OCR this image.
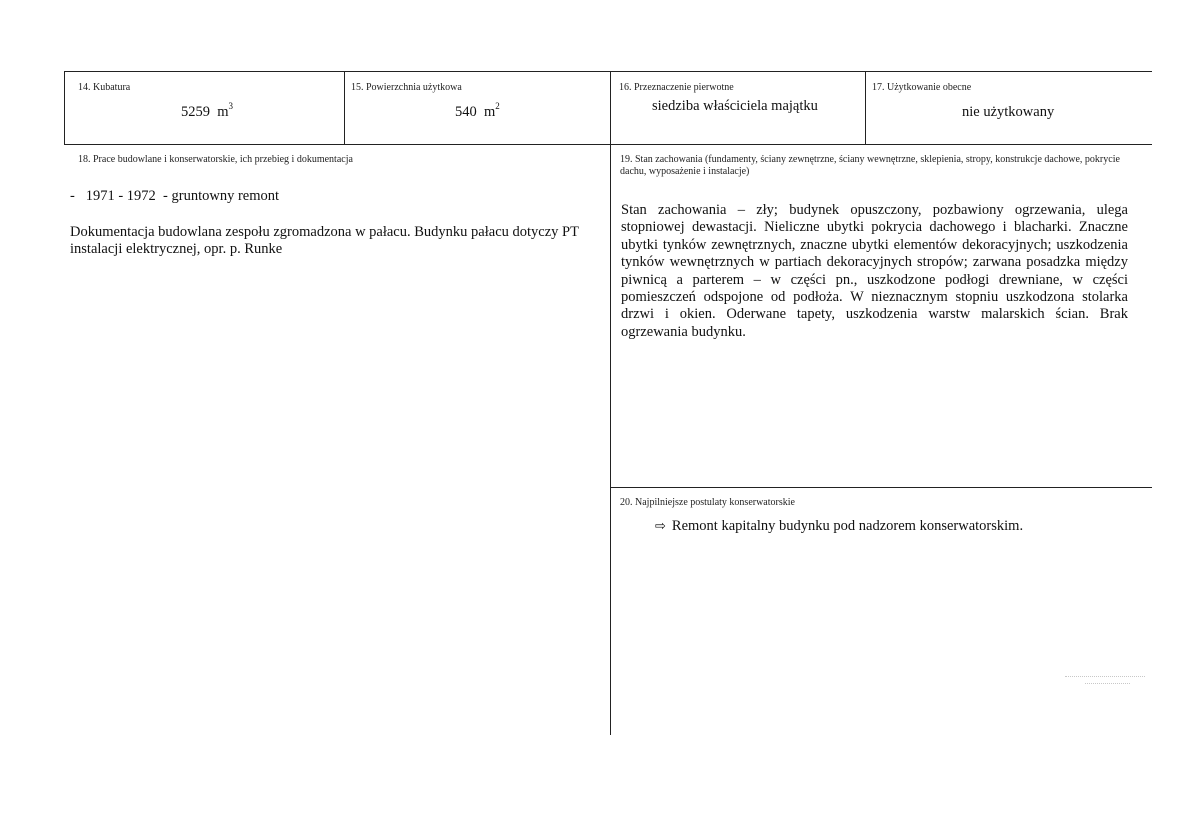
14. Kubatura
5259 $m^3$
15. Powierzchnia użytkowa
540 $m^2$
16. Przeznaczenie pierwotne
siedziba właściciela majątku
17. Użytkowanie obecne
nie użytkowany
18. Prace budowlane i konserwatorskie, ich przebieg i dokumentacja
-   1971 - 1972  - gruntowny remont
Dokumentacja budowlana zespołu zgromadzona w pałacu. Budynku pałacu dotyczy PT instalacji elektrycznej, opr. p. Runke
19. Stan zachowania (fundamenty, ściany zewnętrzne, ściany wewnętrzne, sklepienia, stropy, konstrukcje dachowe, pokrycie dachu, wyposażenie i instalacje)
Stan zachowania – zły; budynek opuszczony, pozbawiony ogrzewania, ulega stopniowej dewastacji. Nieliczne ubytki pokrycia dachowego i blacharki. Znaczne ubytki tynków zewnętrznych, znaczne ubytki elementów dekoracyjnych; uszkodzenia tynków wewnętrznych w partiach dekoracyjnych stropów; zarwana posadzka między piwnicą a parterem – w części pn., uszkodzone podłogi drewniane, w części pomieszczeń odspojone od podłoża. W nieznacznym stopniu uszkodzona stolarka drzwi i okien. Oderwane tapety, uszkodzenia warstw malarskich ścian. Brak ogrzewania budynku.
20. Najpilniejsze postulaty konserwatorskie
⇨ Remont kapitalny budynku pod nadzorem konserwatorskim.
